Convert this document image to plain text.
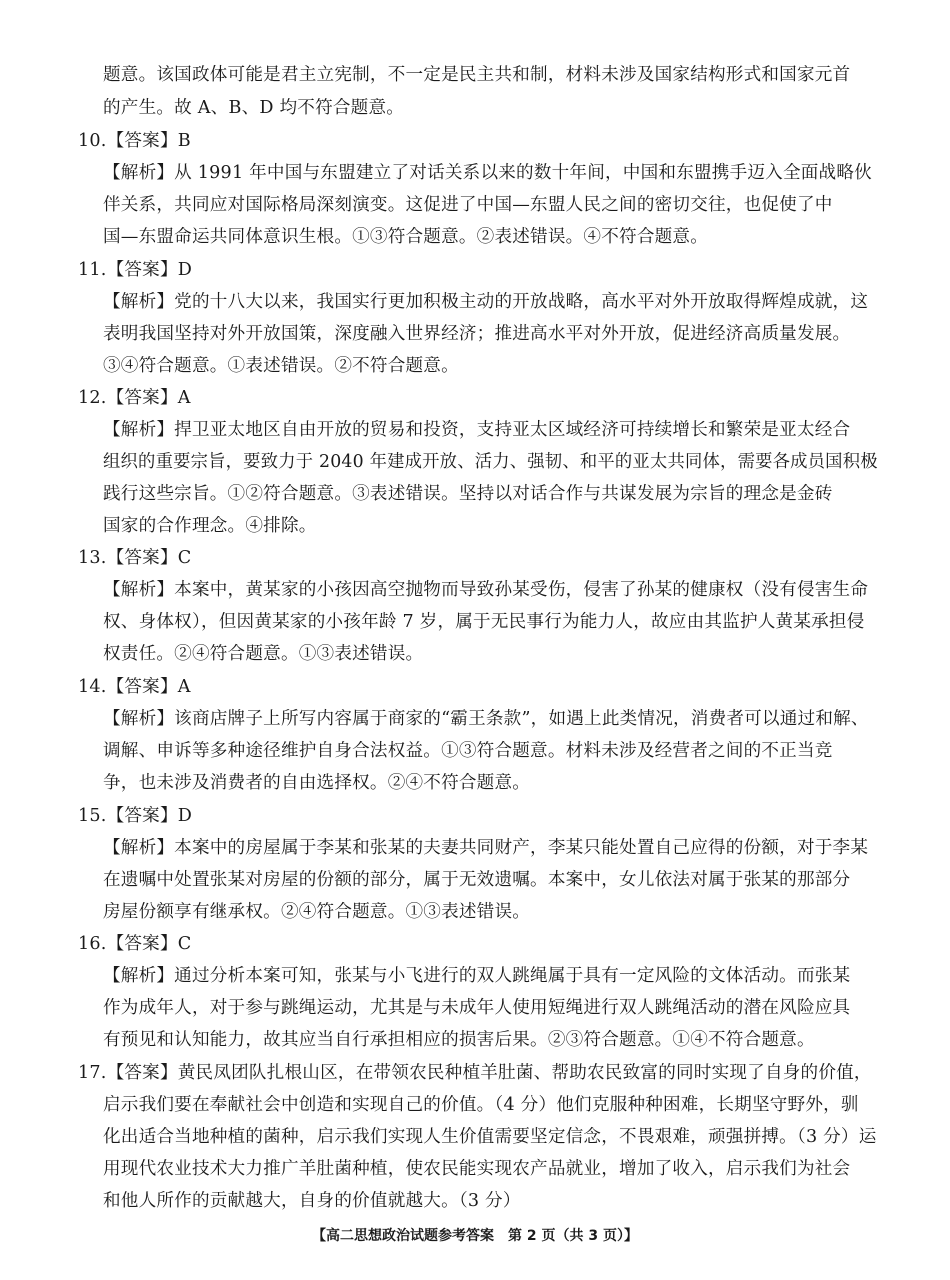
题意。该国政体可能是君主立宪制，不一定是民主共和制，材料未涉及国家结构形式和国家元首
的产生。故 A、B、D 均不符合题意。
10.【答案】B
【解析】从 1991 年中国与东盟建立了对话关系以来的数十年间，中国和东盟携手迈入全面战略伙
伴关系，共同应对国际格局深刻演变。这促进了中国—东盟人民之间的密切交往，也促使了中
国—东盟命运共同体意识生根。①③符合题意。②表述错误。④不符合题意。
11.【答案】D
【解析】党的十八大以来，我国实行更加积极主动的开放战略，高水平对外开放取得辉煌成就，这
表明我国坚持对外开放国策，深度融入世界经济；推进高水平对外开放，促进经济高质量发展。
③④符合题意。①表述错误。②不符合题意。
12.【答案】A
【解析】捍卫亚太地区自由开放的贸易和投资，支持亚太区域经济可持续增长和繁荣是亚太经合
组织的重要宗旨，要致力于 2040 年建成开放、活力、强韧、和平的亚太共同体，需要各成员国积极
践行这些宗旨。①②符合题意。③表述错误。坚持以对话合作与共谋发展为宗旨的理念是金砖
国家的合作理念。④排除。
13.【答案】C
【解析】本案中，黄某家的小孩因高空抛物而导致孙某受伤，侵害了孙某的健康权（没有侵害生命
权、身体权），但因黄某家的小孩年龄 7 岁，属于无民事行为能力人，故应由其监护人黄某承担侵
权责任。②④符合题意。①③表述错误。
14.【答案】A
【解析】该商店牌子上所写内容属于商家的“霸王条款”，如遇上此类情况，消费者可以通过和解、
调解、申诉等多种途径维护自身合法权益。①③符合题意。材料未涉及经营者之间的不正当竞
争，也未涉及消费者的自由选择权。②④不符合题意。
15.【答案】D
【解析】本案中的房屋属于李某和张某的夫妻共同财产，李某只能处置自己应得的份额，对于李某
在遗嘱中处置张某对房屋的份额的部分，属于无效遗嘱。本案中，女儿依法对属于张某的那部分
房屋份额享有继承权。②④符合题意。①③表述错误。
16.【答案】C
【解析】通过分析本案可知，张某与小飞进行的双人跳绳属于具有一定风险的文体活动。而张某
作为成年人，对于参与跳绳运动，尤其是与未成年人使用短绳进行双人跳绳活动的潜在风险应具
有预见和认知能力，故其应当自行承担相应的损害后果。②③符合题意。①④不符合题意。
17.【答案】黄民凤团队扎根山区，在带领农民种植羊肚菌、帮助农民致富的同时实现了自身的价值，
启示我们要在奉献社会中创造和实现自己的价值。（4 分）他们克服种种困难，长期坚守野外，驯
化出适合当地种植的菌种，启示我们实现人生价值需要坚定信念，不畏艰难，顽强拼搏。（3 分）运
用现代农业技术大力推广羊肚菌种植，使农民能实现农产品就业，增加了收入，启示我们为社会
和他人所作的贡献越大，自身的价值就越大。（3 分）
【高二思想政治试题参考答案　第 2 页（共 3 页）】
